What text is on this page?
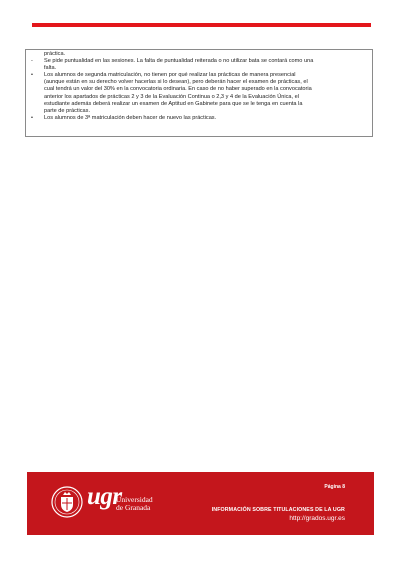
práctica.
-	Se pide puntualidad en las sesiones. La falta de puntualidad reiterada o no utilizar bata se contará como una
falta.
•	Los alumnos de segunda matriculación, no tienen por qué realizar las prácticas de manera presencial
(aunque están en su derecho volver hacerlas si lo desean), pero deberán hacer el examen de prácticas, el
cual tendrá un valor del 30% en la convocatoria ordinaria. En caso de no haber superado en la convocatoria
anterior los apartados de prácticas 2 y 3 de la Evaluación Continua o 2,3 y 4 de la Evaluación Única, el
estudiante además deberá realizar un examen de Aptitud en Gabinete para que se le tenga en cuenta la
parte de prácticas.
•	Los alumnos de 3ª matriculación deben hacer de nuevo las prácticas.
ugr
Universidad
de Granada
Página 8
INFORMACIÓN SOBRE TITULACIONES DE LA UGR
http://grados.ugr.es
